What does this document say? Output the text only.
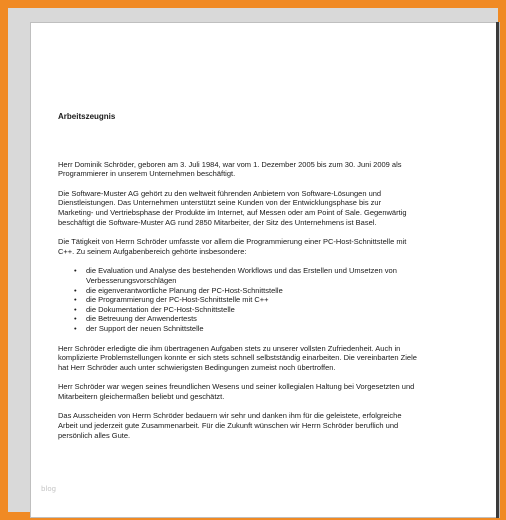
blog
Arbeitszeugnis

Herr Dominik Schröder, geboren am 3. Juli 1984, war vom 1. Dezember 2005 bis zum 30. Juni 2009 als Programmierer in unserem Unternehmen beschäftigt.

Die Software-Muster AG gehört zu den weltweit führenden Anbietern von Software-Lösungen und Dienstleistungen. Das Unternehmen unterstützt seine Kunden von der Entwicklungsphase bis zur Marketing- und Vertriebsphase der Produkte im Internet, auf Messen oder am Point of Sale. Gegenwärtig beschäftigt die Software-Muster AG rund 2850 Mitarbeiter, der Sitz des Unternehmens ist Basel.

Die Tätigkeit von Herrn Schröder umfasste vor allem die Programmierung einer PC-Host-Schnittstelle mit C++. Zu seinem Aufgabenbereich gehörte insbesondere:

• die Evaluation und Analyse des bestehenden Workflows und das Erstellen und Umsetzen von Verbesserungsvorschlägen
• die eigenverantwortliche Planung der PC-Host-Schnittstelle
• die Programmierung der PC-Host-Schnittstelle mit C++
• die Dokumentation der PC-Host-Schnittstelle
• die Betreuung der Anwendertests
• der Support der neuen Schnittstelle

Herr Schröder erledigte die ihm übertragenen Aufgaben stets zu unserer vollsten Zufriedenheit. Auch in komplizierte Problemstellungen konnte er sich stets schnell selbstständig einarbeiten. Die vereinbarten Ziele hat Herr Schröder auch unter schwierigsten Bedingungen zumeist noch übertroffen.

Herr Schröder war wegen seines freundlichen Wesens und seiner kollegialen Haltung bei Vorgesetzten und Mitarbeitern gleichermaßen beliebt und geschätzt.

Das Ausscheiden von Herrn Schröder bedauern wir sehr und danken ihm für die geleistete, erfolgreiche Arbeit und jederzeit gute Zusammenarbeit. Für die Zukunft wünschen wir Herrn Schröder beruflich und persönlich alles Gute.
